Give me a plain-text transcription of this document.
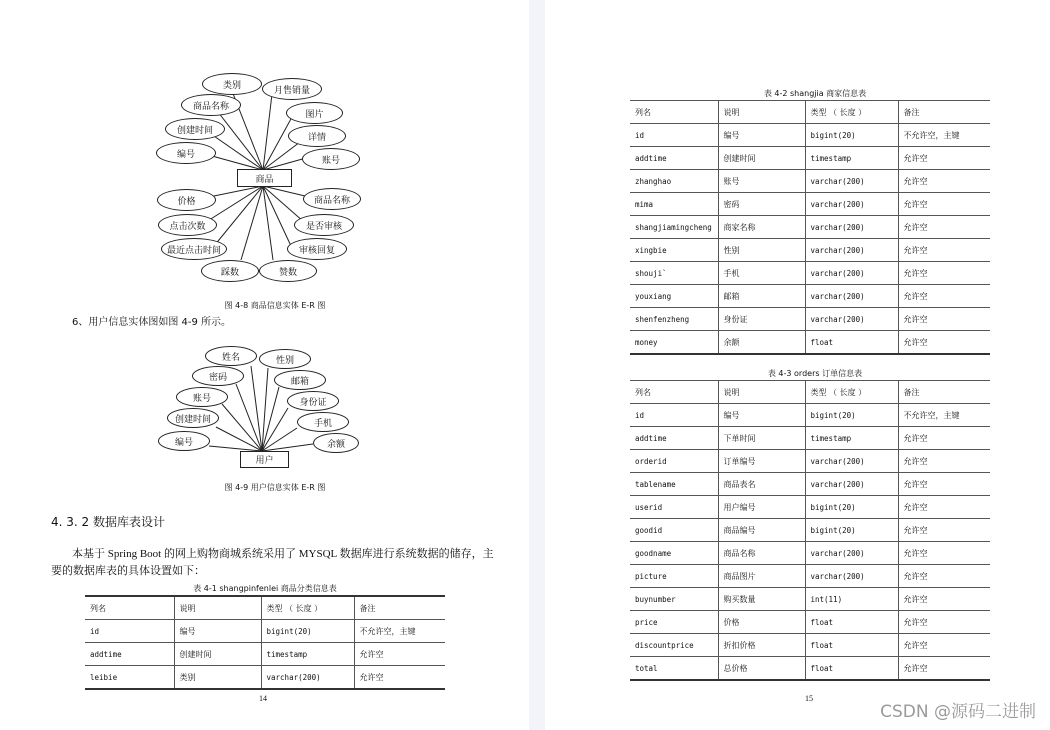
类别	月售销量
商品名称
图片
创建时间
详情
编号
账号
商品
价格	商品名称
点击次数	是否审核
最近点击时间	审核回复
踩数	赞数
图 4-8 商品信息实体 E-R 图
6、用户信息实体图如图 4-9 所示。
姓名	性别
密码	邮箱
账号	身份证
创建时间	手机
编号	余额
用户
图 4-9 用户信息实体 E-R 图
4. 3. 2 数据库表设计
本基于 Spring Boot 的网上购物商城系统采用了 MYSQL 数据库进行系统数据的储存，主
要的数据库表的具体设置如下：
表 4-1 shangpinfenlei 商品分类信息表
列名	说明	类型 （ 长度 ）	备注
id	编号	bigint(20)	不允许空，主键
addtime	创建时间	timestamp	允许空
leibie	类别	varchar(200)	允许空
14
表 4-2 shangjia 商家信息表
列名	说明	类型 （ 长度 ）	备注
id	编号	bigint(20)	不允许空，主键
addtime	创建时间	timestamp	允许空
zhanghao	账号	varchar(200)	允许空
mima	密码	varchar(200)	允许空
shangjiamingcheng	商家名称	varchar(200)	允许空
xingbie	性别	varchar(200)	允许空
shouji`	手机	varchar(200)	允许空
youxiang	邮箱	varchar(200)	允许空
shenfenzheng	身份证	varchar(200)	允许空
money	余额	float	允许空
表 4-3 orders 订单信息表
列名	说明	类型 （ 长度 ）	备注
id	编号	bigint(20)	不允许空，主键
addtime	下单时间	timestamp	允许空
orderid	订单编号	varchar(200)	允许空
tablename	商品表名	varchar(200)	允许空
userid	用户编号	bigint(20)	允许空
goodid	商品编号	bigint(20)	允许空
goodname	商品名称	varchar(200)	允许空
picture	商品图片	varchar(200)	允许空
buynumber	购买数量	int(11)	允许空
price	价格	float	允许空
discountprice	折扣价格	float	允许空
total	总价格	float	允许空
15
CSDN @源码二进制
